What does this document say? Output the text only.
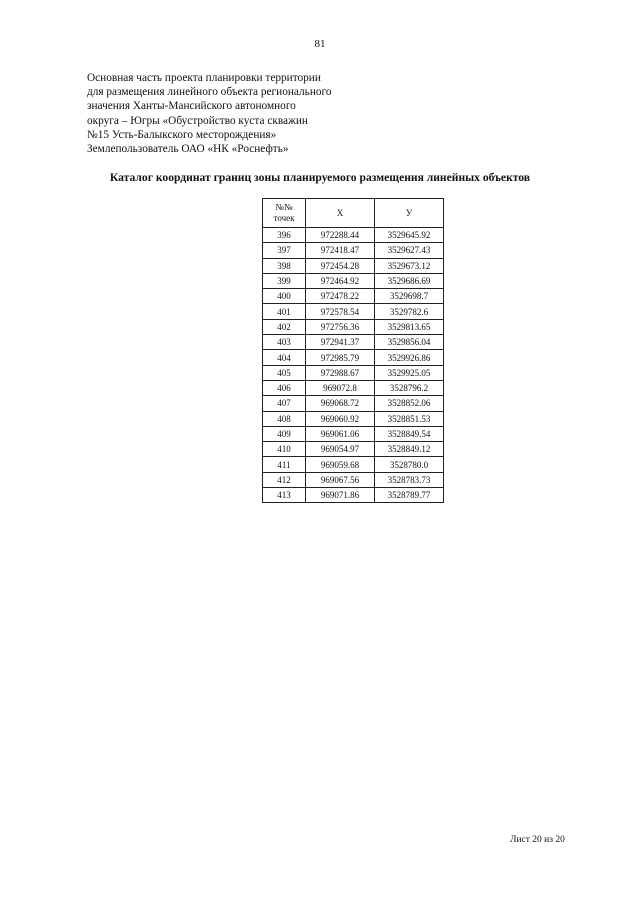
81
Основная часть проекта планировки территории
для размещения линейного объекта регионального
значения Ханты-Мансийского автономного
округа – Югры «Обустройство куста скважин
№15 Усть-Балыкского месторождения»
Землепользователь ОАО «НК «Роснефть»
Каталог координат границ зоны планируемого размещения линейных объектов
№№
точек	X	У
396	972288.44	3529645.92
397	972418.47	3529627.43
398	972454.28	3529673.12
399	972464.92	3529686.69
400	972478.22	3529698.7
401	972578.54	3529782.6
402	972756.36	3529813.65
403	972941.37	3529856.04
404	972985.79	3529926.86
405	972988.67	3529925.05
406	969072.8	3528796.2
407	969068.72	3528852.06
408	969060.92	3528851.53
409	969061.06	3528849.54
410	969054.97	3528849.12
411	969059.68	3528780.0
412	969067.56	3528783.73
413	969071.86	3528789.77
Лист 20 из 20
